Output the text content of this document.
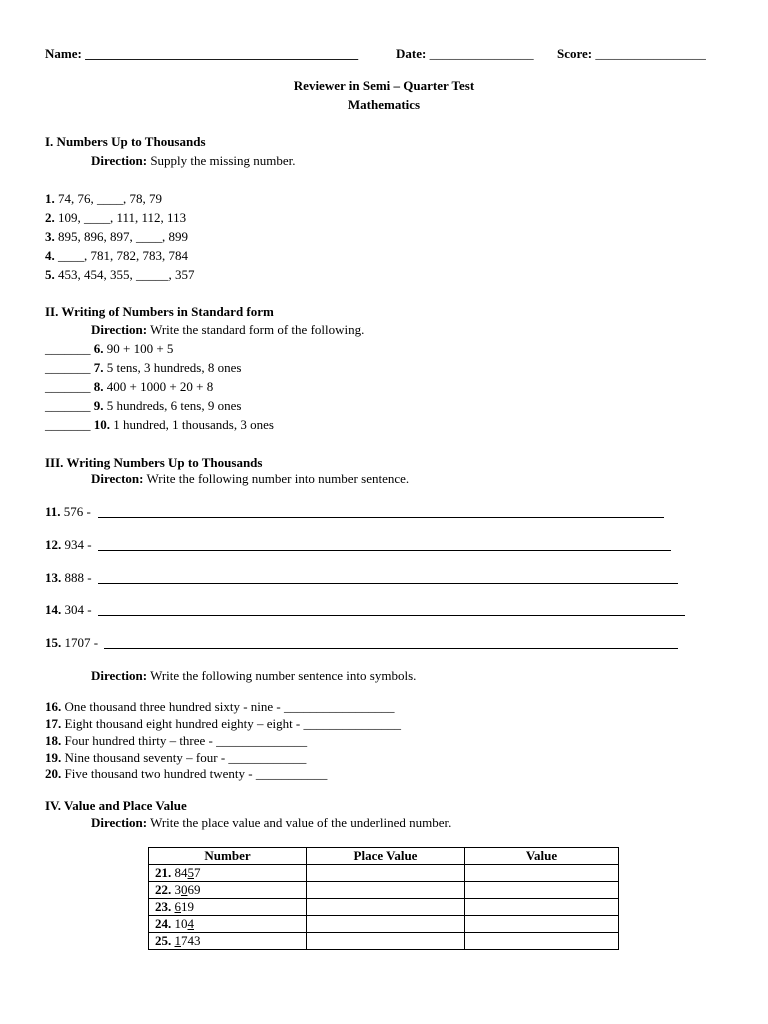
Name: __________________________________________	Date: ________________ Score: _________________
Reviewer in Semi – Quarter Test
Mathematics
I. Numbers Up to Thousands
Direction: Supply the missing number.
1. 74, 76, ____, 78, 79
2. 109, ____, 111, 112, 113
3. 895, 896, 897, ____, 899
4. ____, 781, 782, 783, 784
5. 453, 454, 355, _____, 357
II. Writing of Numbers in Standard form
Direction: Write the standard form of the following.
_______ 6. 90 + 100 + 5
_______ 7. 5 tens, 3 hundreds, 8 ones
_______ 8. 400 + 1000 + 20 + 8
_______ 9. 5 hundreds, 6 tens, 9 ones
_______ 10. 1 hundred, 1 thousands, 3 ones
III. Writing Numbers Up to Thousands
Directon: Write the following number into number sentence.
11. 576 -
12. 934 -
13. 888 -
14. 304 -
15. 1707 -
Direction: Write the following number sentence into symbols.
16. One thousand three hundred sixty - nine - _________________
17. Eight thousand eight hundred eighty – eight - _______________
18. Four hundred thirty – three - ______________
19. Nine thousand seventy – four - ____________
20. Five thousand two hundred twenty - ___________
IV. Value and Place Value
Direction: Write the place value and value of the underlined number.
Number	Place Value	Value
21. 8457		
22. 3069		
23. 619		
24. 104		
25. 1743		
